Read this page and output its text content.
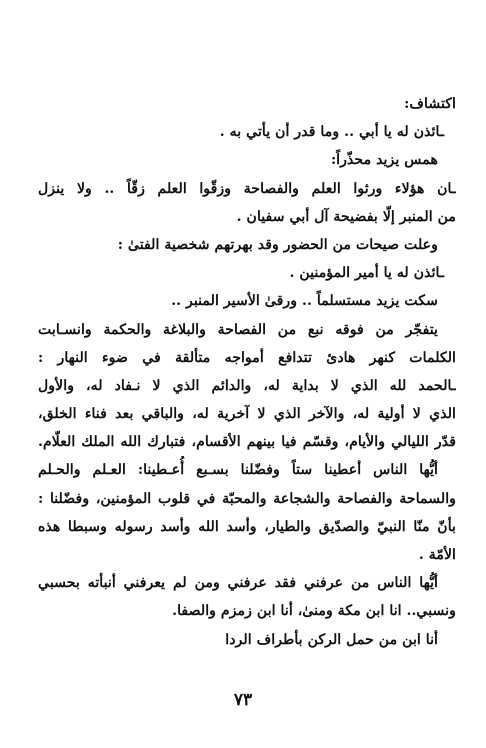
اكتشاف:
ـائذن له يا أبي .. وما قدر أن يأتي به .
همس يزيد محذّراً:
ـان هؤلاء ورثوا العلم والفصاحة وزقّوا العلم زقّاً .. ولا ينزل
من المنبر إلّا بفضيحة آل أبي سفيان .
وعلت صيحات من الحضور وقد بهرتهم شخصية الفتىٰ :
ـائذن له يا أمير المؤمنين .
سكت يزيد مستسلماً .. ورقىٰ الأسير المنبر ..
يتفجّر من فوقه نبع من الفصاحة والبلاغة والحكمة وانسـابت
الكلمات كنهر هادئ تتدافع أمواجه متألقة في ضوء النهار :
ـالحمد لله الذي لا بداية له، والدائم الذي لا نـفاد له، والأول
الذي لا أولية له، والآخر الذي لا آخرية له، والباقي بعد فناء الخلق،
قدّر الليالي والأيام، وقسّم فيا بينهم الأقسام، فتبارك الله الملك العلّام.
أيُّها الناس أعطينا ستاً وفضّلنا بسـبع أُعـطينا: العـلم والحـلم
والسماحة والفصاحة والشجاعة والمحبّة في قلوب المؤمنين، وفضّلنا :
بأنّ منّا النبيّ والصدّيق والطيار، وأسد الله وأسد رسوله وسبطا هذه
الأمّة .
أيُّها الناس من عرفني فقد عرفني ومن لم يعرفني أنبأته بحسبي
ونسبي.. انا ابن مكة ومنىٰ، أنا ابن زمزم والصفا.
أنا ابن من حمل الركن بأطراف الردا
٧٣
